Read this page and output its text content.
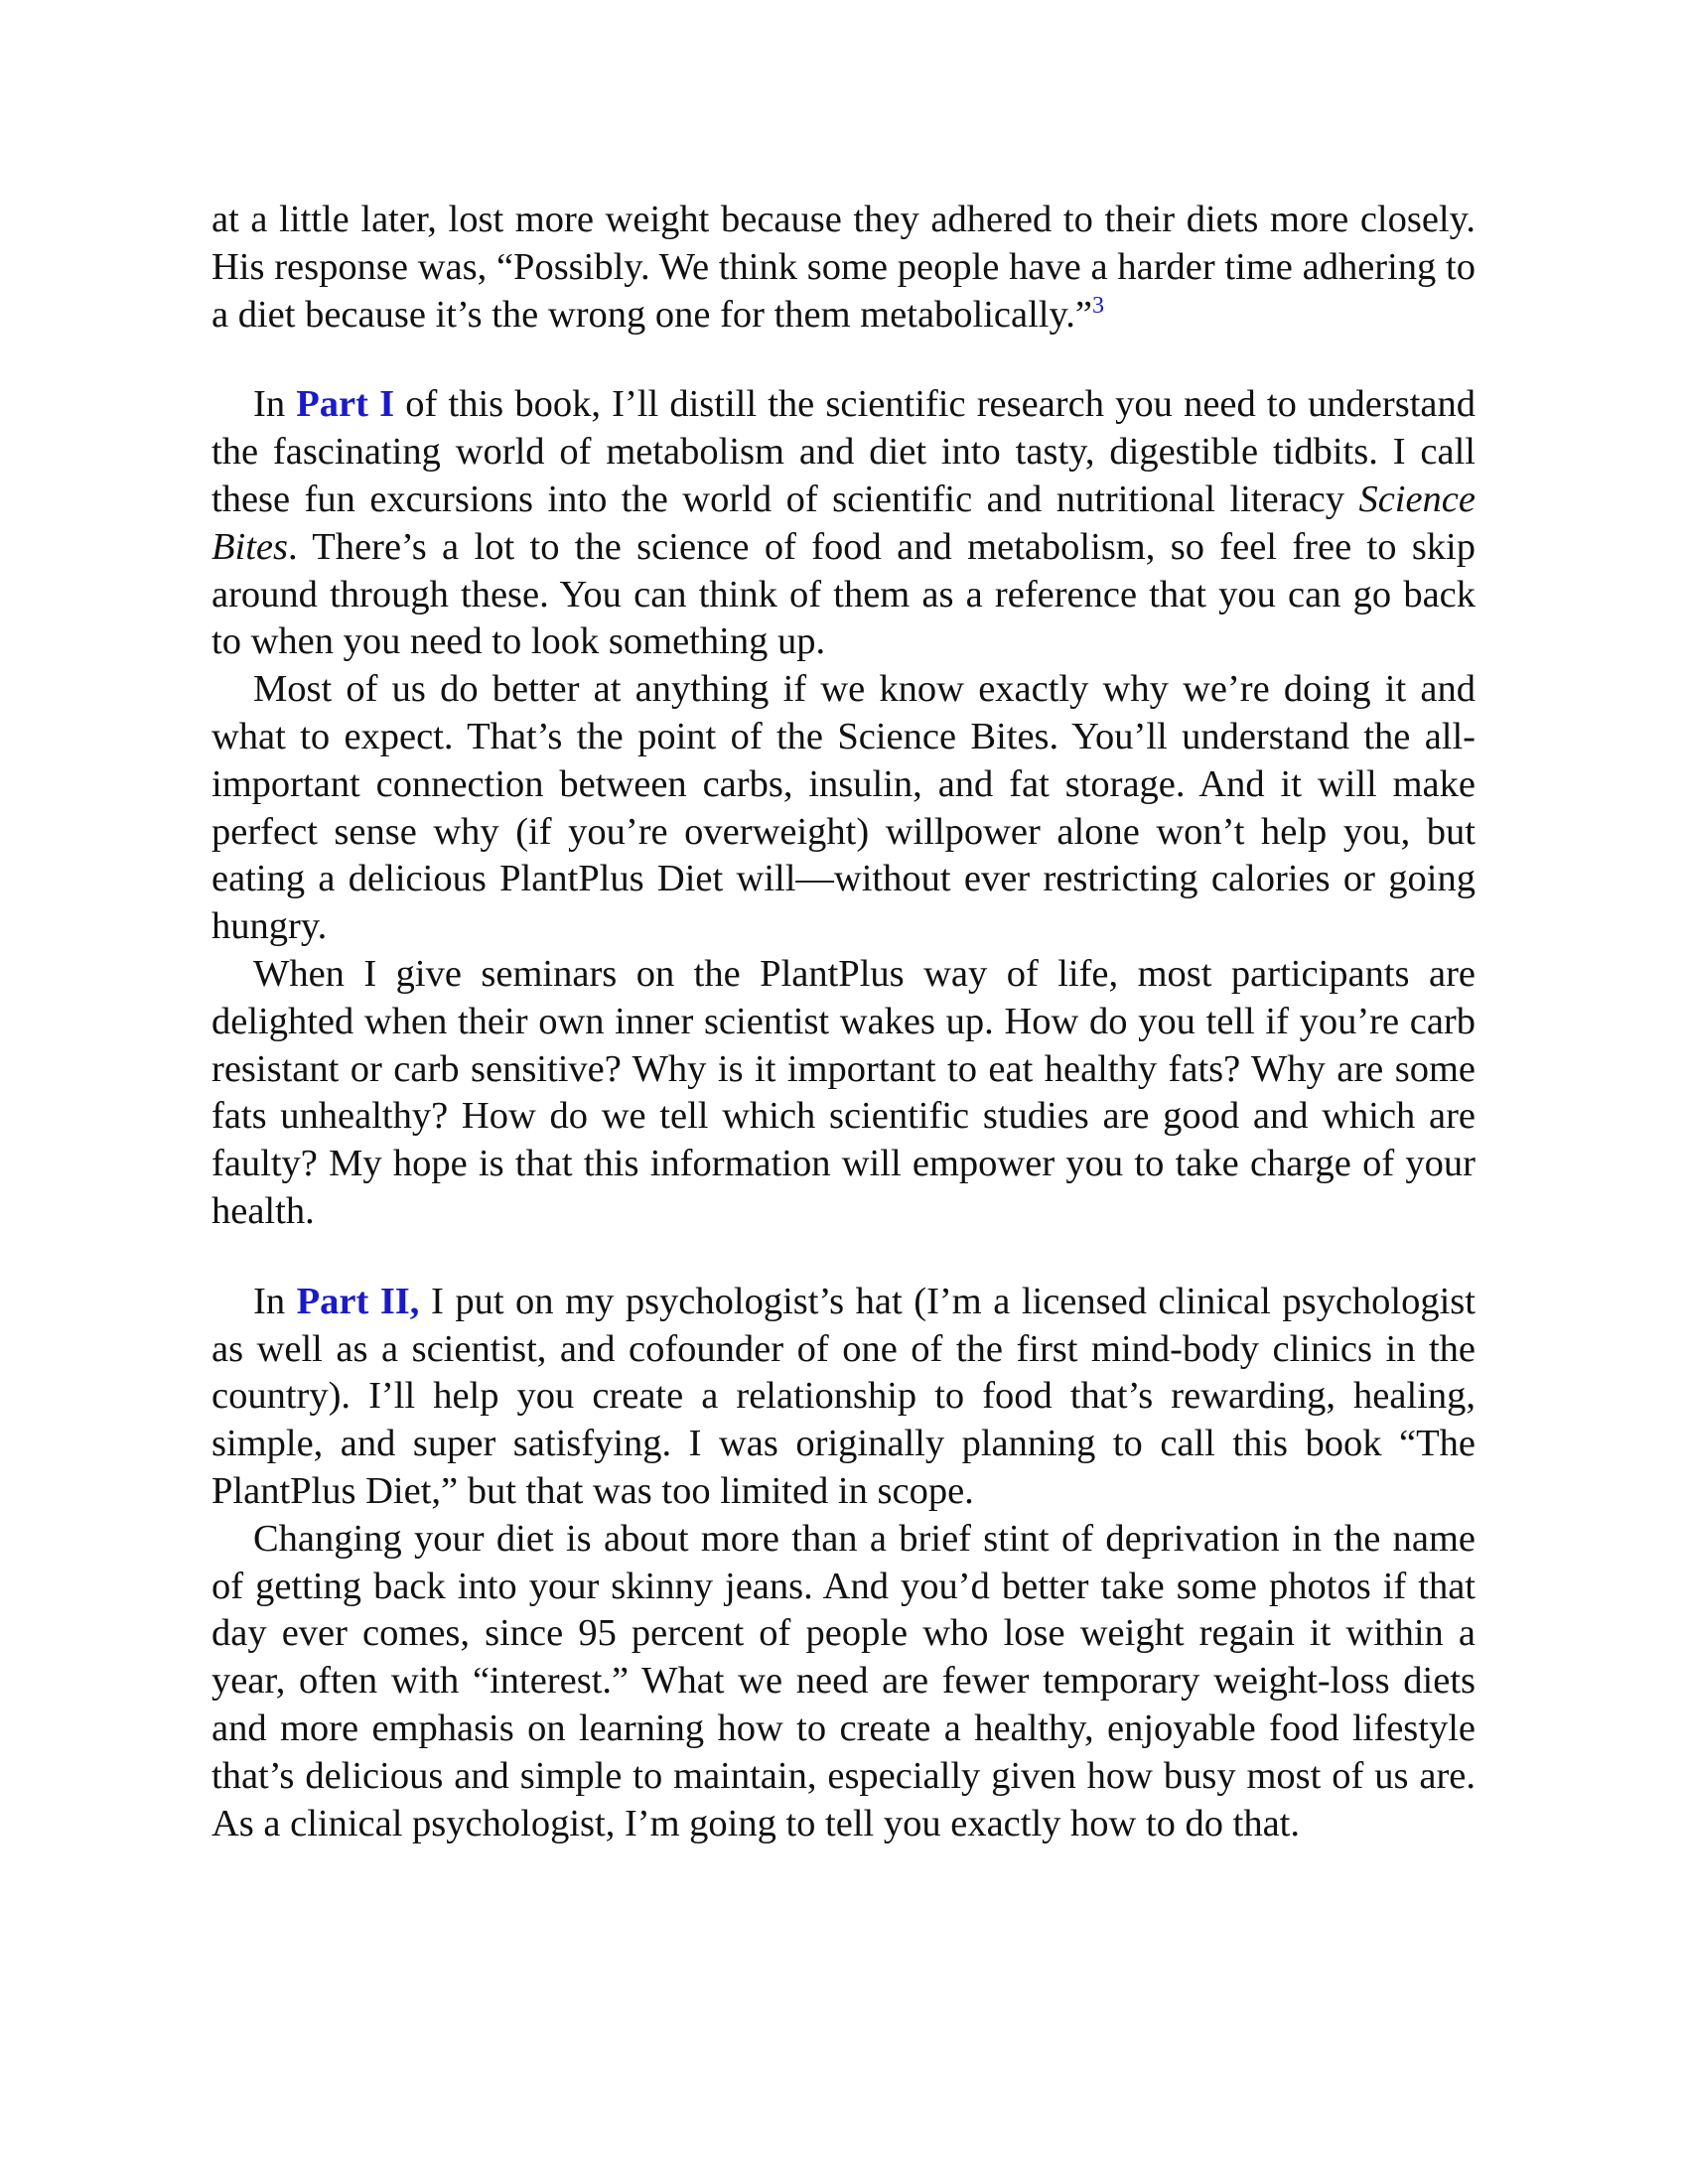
at a little later, lost more weight because they adhered to their diets more closely. His response was, “Possibly. We think some people have a harder time adhering to a diet because it’s the wrong one for them metabolically.”$^3$

In Part I of this book, I’ll distill the scientific research you need to understand the fascinating world of metabolism and diet into tasty, digestible tidbits. I call these fun excursions into the world of scientific and nutritional literacy Science Bites. There’s a lot to the science of food and metabolism, so feel free to skip around through these. You can think of them as a reference that you can go back to when you need to look something up.

Most of us do better at anything if we know exactly why we’re doing it and what to expect. That’s the point of the Science Bites. You’ll understand the all-important connection between carbs, insulin, and fat storage. And it will make perfect sense why (if you’re overweight) willpower alone won’t help you, but eating a delicious PlantPlus Diet will—without ever restricting calories or going hungry.

When I give seminars on the PlantPlus way of life, most participants are delighted when their own inner scientist wakes up. How do you tell if you’re carb resistant or carb sensitive? Why is it important to eat healthy fats? Why are some fats unhealthy? How do we tell which scientific studies are good and which are faulty? My hope is that this information will empower you to take charge of your health.

In Part II, I put on my psychologist’s hat (I’m a licensed clinical psychologist as well as a scientist, and cofounder of one of the first mind-body clinics in the country). I’ll help you create a relationship to food that’s rewarding, healing, simple, and super satisfying. I was originally planning to call this book “The PlantPlus Diet,” but that was too limited in scope.

Changing your diet is about more than a brief stint of deprivation in the name of getting back into your skinny jeans. And you’d better take some photos if that day ever comes, since 95 percent of people who lose weight regain it within a year, often with “interest.” What we need are fewer temporary weight-loss diets and more emphasis on learning how to create a healthy, enjoyable food lifestyle that’s delicious and simple to maintain, especially given how busy most of us are. As a clinical psychologist, I’m going to tell you exactly how to do that.
